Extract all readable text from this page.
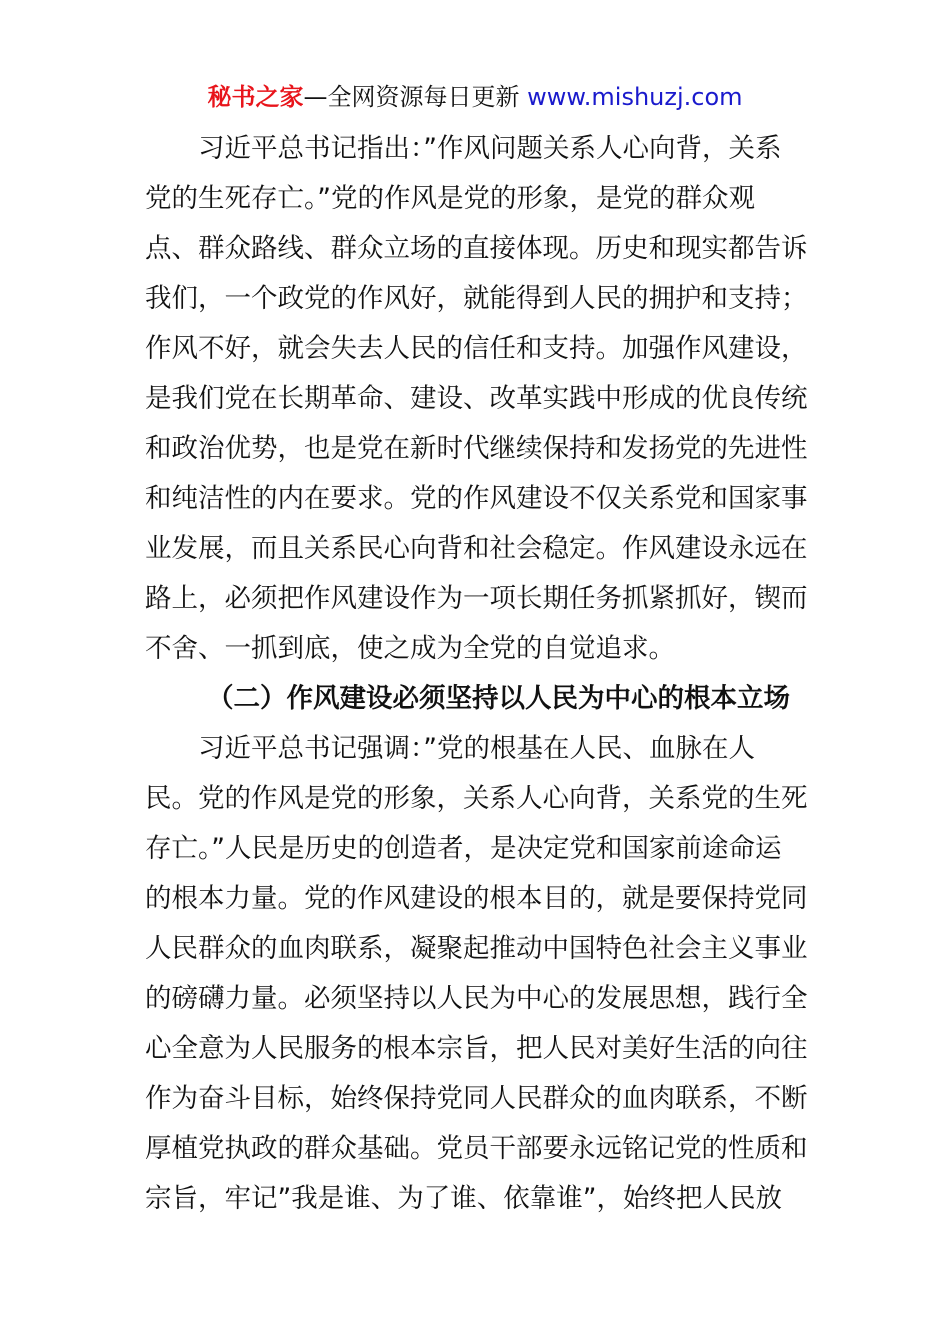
秘书之家—全网资源每日更新 www.mishuzj.com
习近平总书记指出：”作风问题关系人心向背，关系
党的生死存亡。”党的作风是党的形象，是党的群众观
点、群众路线、群众立场的直接体现。历史和现实都告诉
我们，一个政党的作风好，就能得到人民的拥护和支持；
作风不好，就会失去人民的信任和支持。加强作风建设，
是我们党在长期革命、建设、改革实践中形成的优良传统
和政治优势，也是党在新时代继续保持和发扬党的先进性
和纯洁性的内在要求。党的作风建设不仅关系党和国家事
业发展，而且关系民心向背和社会稳定。作风建设永远在
路上，必须把作风建设作为一项长期任务抓紧抓好，锲而
不舍、一抓到底，使之成为全党的自觉追求。
（二）作风建设必须坚持以人民为中心的根本立场
习近平总书记强调：”党的根基在人民、血脉在人
民。党的作风是党的形象，关系人心向背，关系党的生死
存亡。”人民是历史的创造者，是决定党和国家前途命运
的根本力量。党的作风建设的根本目的，就是要保持党同
人民群众的血肉联系，凝聚起推动中国特色社会主义事业
的磅礴力量。必须坚持以人民为中心的发展思想，践行全
心全意为人民服务的根本宗旨，把人民对美好生活的向往
作为奋斗目标，始终保持党同人民群众的血肉联系，不断
厚植党执政的群众基础。党员干部要永远铭记党的性质和
宗旨，牢记”我是谁、为了谁、依靠谁”，始终把人民放
